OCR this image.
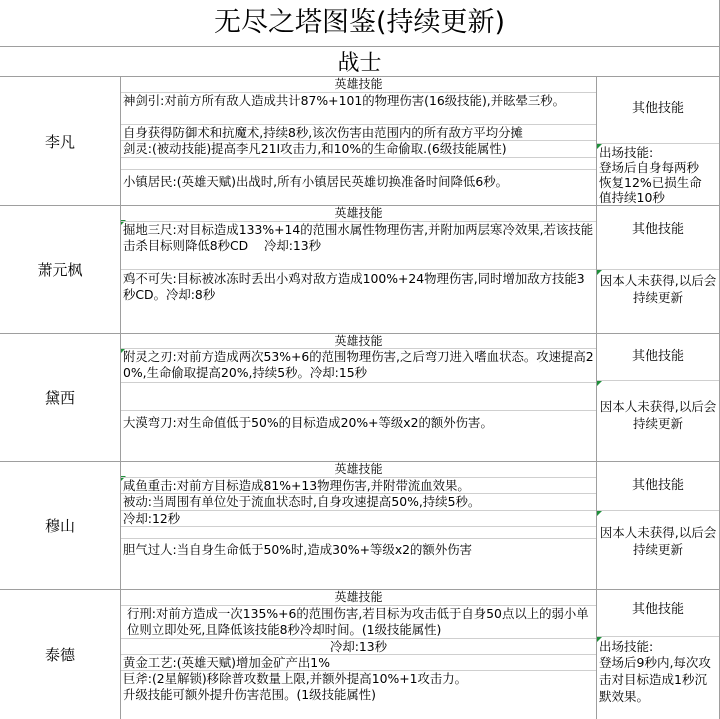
无尽之塔图鉴(持续更新)
战士
李凡
英雄技能
神剑引:对前方所有敌人造成共计87%+101的物理伤害(16级技能),并眩晕三秒。
自身获得防御术和抗魔术,持续8秒,该次伤害由范围内的所有敌方平均分摊
剑灵:(被动技能)提高李凡21I攻击力,和10%的生命偷取.(6级技能属性)
小镇居民:(英雄天赋)出战时,所有小镇居民英雄切换准备时间降低6秒。
其他技能
出场技能:
登场后自身每两秒
恢复12%已损生命
值持续10秒
萧元枫
英雄技能
掘地三尺:对目标造成133%+14的范围水属性物理伤害,并附加两层寒冷效果,若该技能击杀目标则降低8秒CD    冷却:13秒
鸡不可失:目标被冰冻时丢出小鸡对敌方造成100%+24物理伤害,同时增加敌方技能3秒CD。冷却:8秒
其他技能
因本人未获得,以后会持续更新
黛西
英雄技能
附灵之刃:对前方造成两次53%+6的范围物理伤害,之后弯刀进入嗜血状态。攻速提高20%,生命偷取提高20%,持续5秒。冷却:15秒
大漠弯刀:对生命值低于50%的目标造成20%+等级x2的额外伤害。
其他技能
因本人未获得,以后会持续更新
穆山
英雄技能
咸鱼重击:对前方目标造成81%+13物理伤害,并附带流血效果。
被动:当周围有单位处于流血状态时,自身攻速提高50%,持续5秒。
冷却:12秒
胆气过人:当自身生命低于50%时,造成30%+等级x2的额外伤害
其他技能
因本人未获得,以后会持续更新
泰德
英雄技能
行刑:对前方造成一次135%+6的范围伤害,若目标为攻击低于自身50点以上的弱小单位则立即处死,且降低该技能8秒冷却时间。(1级技能属性)
冷却:13秒
黄金工艺:(英雄天赋)增加金矿产出1%
巨斧:(2星解锁)移除普攻数量上限,并额外提高10%+1攻击力。
升级技能可额外提升伤害范围。(1级技能属性)
其他技能
出场技能:
登场后9秒内,每次攻击对目标造成1秒沉默效果。
